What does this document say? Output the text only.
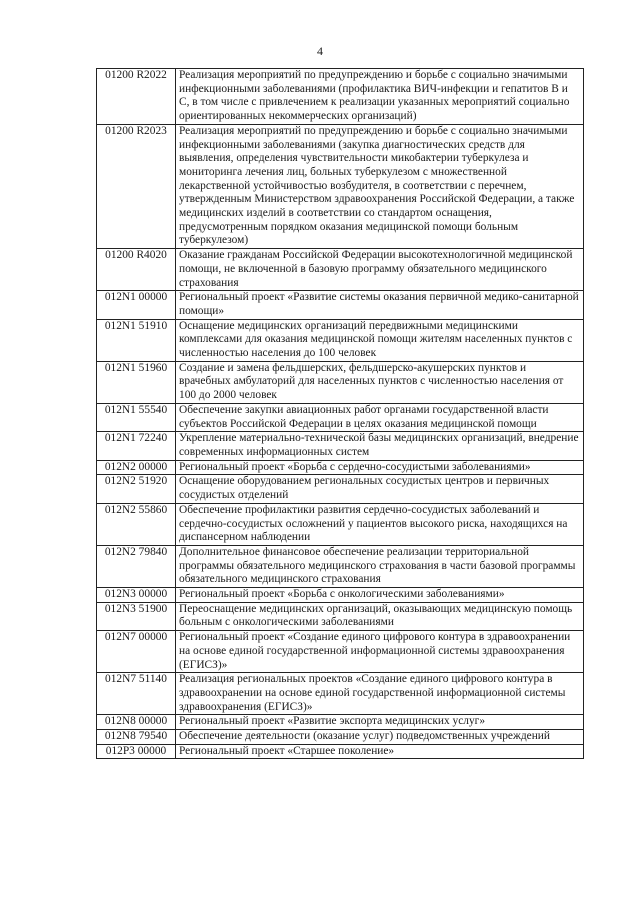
4
01200 R2022	Реализация мероприятий по предупреждению и борьбе с социально значимыми инфекционными заболеваниями (профилактика ВИЧ-инфекции и гепатитов В и С, в том числе с привлечением к реализации указанных мероприятий социально ориентированных некоммерческих организаций)
01200 R2023	Реализация мероприятий по предупреждению и борьбе с социально значимыми инфекционными заболеваниями (закупка диагностических средств для выявления, определения чувствительности микобактерии туберкулеза и мониторинга лечения лиц, больных туберкулезом с множественной лекарственной устойчивостью возбудителя, в соответствии с перечнем, утвержденным Министерством здравоохранения Российской Федерации, а также медицинских изделий в соответствии со стандартом оснащения, предусмотренным порядком оказания медицинской помощи больным туберкулезом)
01200 R4020	Оказание гражданам Российской Федерации высокотехнологичной медицинской помощи, не включенной в базовую программу обязательного медицинского страхования
012N1 00000	Региональный проект «Развитие системы оказания первичной медико-санитарной помощи»
012N1 51910	Оснащение медицинских организаций передвижными медицинскими комплексами для оказания медицинской помощи жителям населенных пунктов с численностью населения до 100 человек
012N1 51960	Создание и замена фельдшерских, фельдшерско-акушерских пунктов и врачебных амбулаторий для населенных пунктов с численностью населения от 100 до 2000 человек
012N1 55540	Обеспечение закупки авиационных работ органами государственной власти субъектов Российской Федерации в целях оказания медицинской помощи
012N1 72240	Укрепление материально-технической базы медицинских организаций, внедрение современных информационных систем
012N2 00000	Региональный проект «Борьба с сердечно-сосудистыми заболеваниями»
012N2 51920	Оснащение оборудованием региональных сосудистых центров и первичных сосудистых отделений
012N2 55860	Обеспечение профилактики развития сердечно-сосудистых заболеваний и сердечно-сосудистых осложнений у пациентов высокого риска, находящихся на диспансерном наблюдении
012N2 79840	Дополнительное финансовое обеспечение реализации территориальной программы обязательного медицинского страхования в части базовой программы обязательного медицинского страхования
012N3 00000	Региональный проект «Борьба с онкологическими заболеваниями»
012N3 51900	Переоснащение медицинских организаций, оказывающих медицинскую помощь больным с онкологическими заболеваниями
012N7 00000	Региональный проект «Создание единого цифрового контура в здравоохранении на основе единой государственной информационной системы здравоохранения (ЕГИСЗ)»
012N7 51140	Реализация региональных проектов «Создание единого цифрового контура в здравоохранении на основе единой государственной информационной системы здравоохранения (ЕГИСЗ)»
012N8 00000	Региональный проект «Развитие экспорта медицинских услуг»
012N8 79540	Обеспечение деятельности (оказание услуг) подведомственных учреждений
012P3 00000	Региональный проект «Старшее поколение»
